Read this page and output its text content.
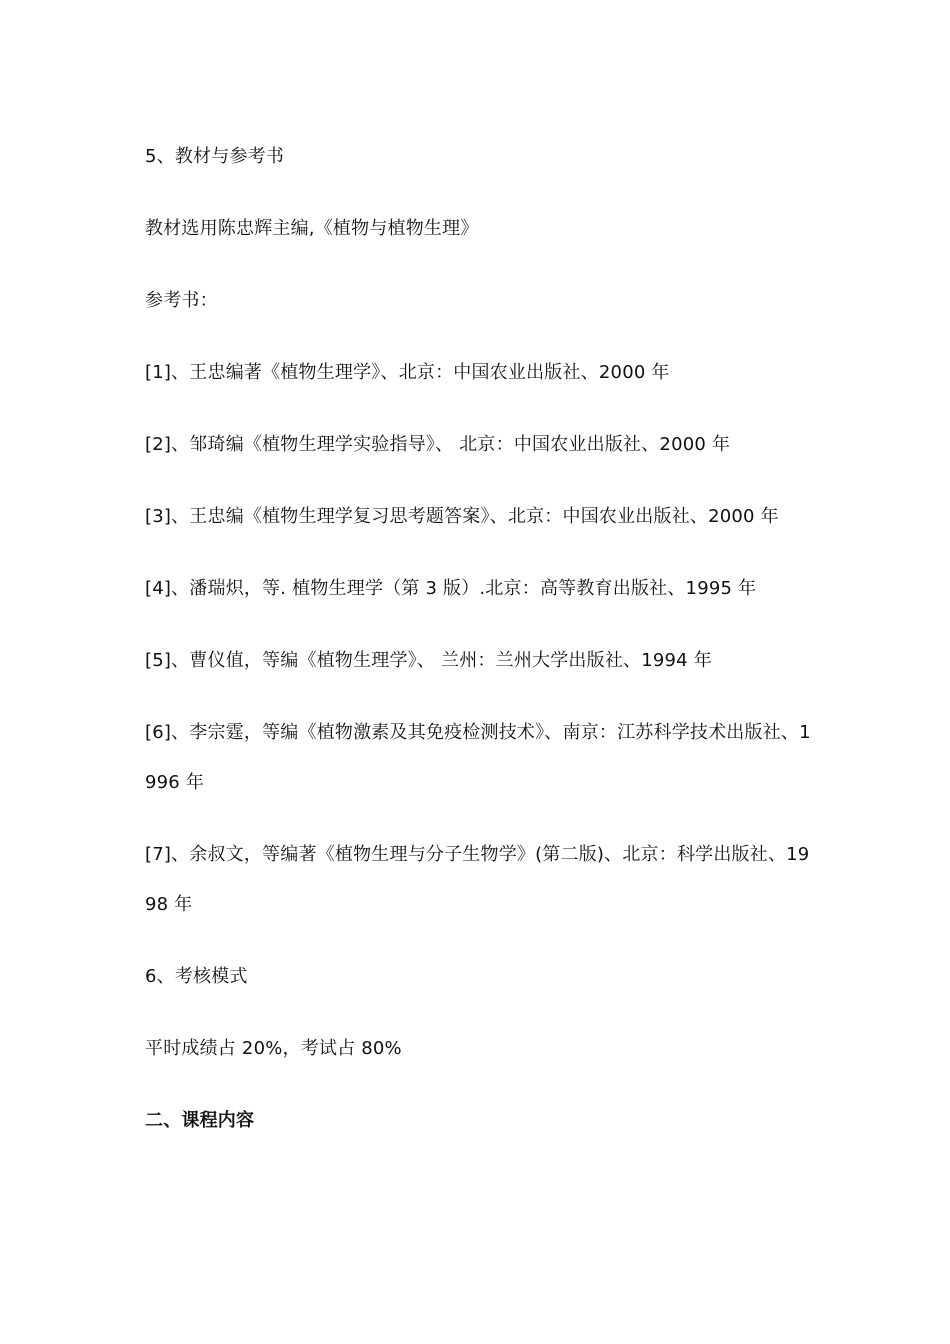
5、教材与参考书

教材选用陈忠辉主编,《植物与植物生理》

参考书：

[1]、王忠编著《植物生理学》、北京：中国农业出版社、2000 年

[2]、邹琦编《植物生理学实验指导》、 北京：中国农业出版社、2000 年

[3]、王忠编《植物生理学复习思考题答案》、北京：中国农业出版社、2000 年

[4]、潘瑞炽，等. 植物生理学（第 3 版）.北京：高等教育出版社、1995 年

[5]、曹仪值，等编《植物生理学》、 兰州：兰州大学出版社、1994 年

[6]、李宗霆，等编《植物激素及其免疫检测技术》、南京：江苏科学技术出版社、1996 年

[7]、余叔文，等编著《植物生理与分子生物学》(第二版)、北京：科学出版社、1998 年

6、考核模式

平时成绩占 20%，考试占 80%

二、课程内容
